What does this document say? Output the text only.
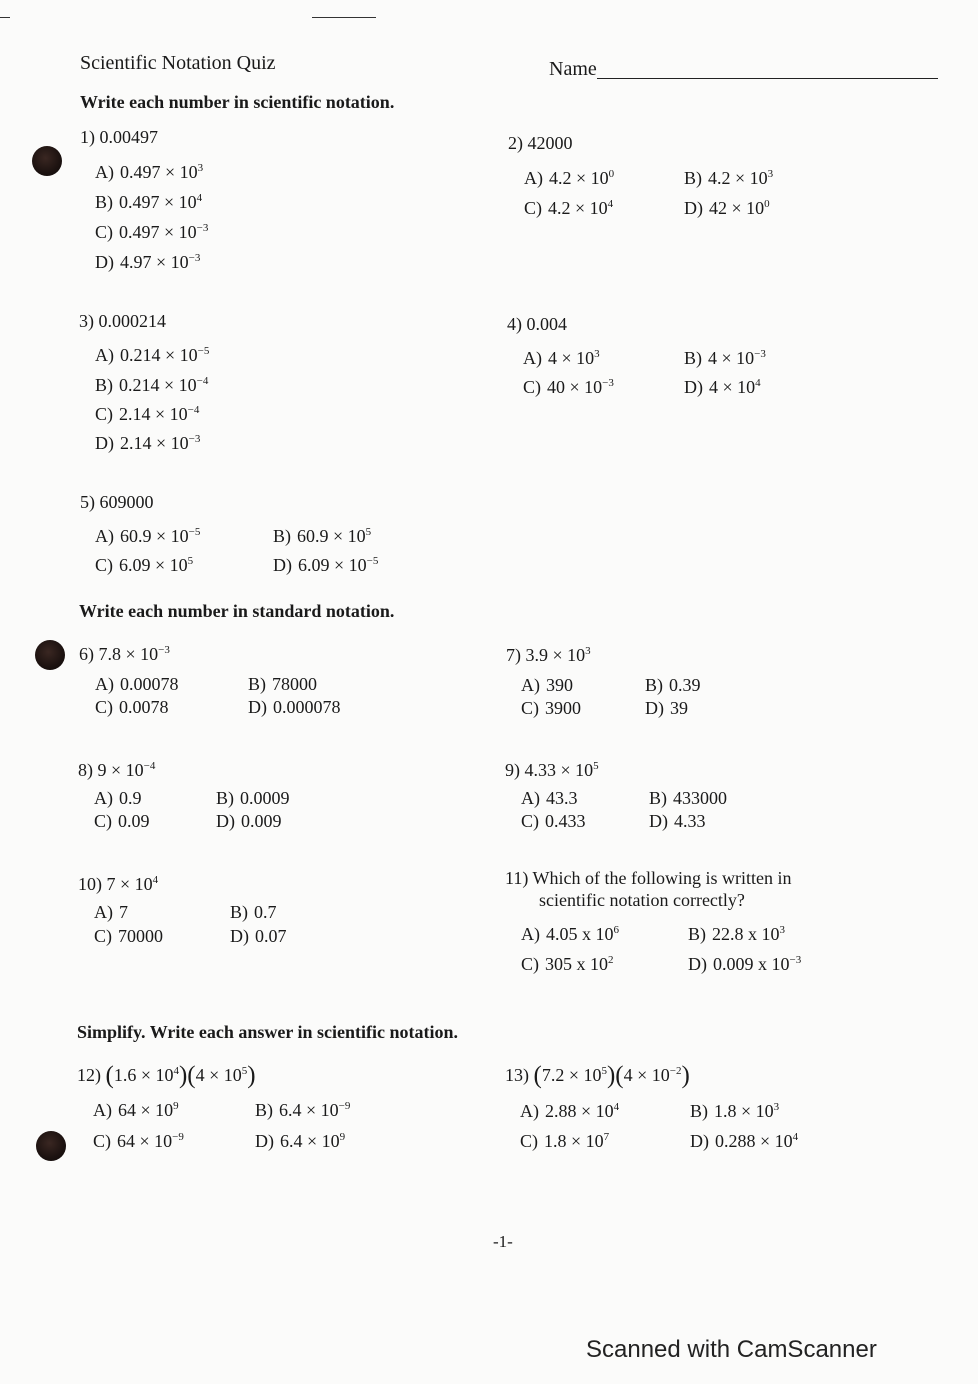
Scientific Notation Quiz	Name
Write each number in scientific notation.
Write each number in standard notation.
Simplify. Write each answer in scientific notation.
1) 0.00497
A) $0.497 \times 10^3$
B) $0.497 \times 10^4$
C) $0.497 \times 10^{-3}$
D) $4.97 \times 10^{-3}$
2) 42000
A) $4.2 \times 10^0$	B) $4.2 \times 10^3$
C) $4.2 \times 10^4$	D) $42 \times 10^0$
3) 0.000214
A) $0.214 \times 10^{-5}$
B) $0.214 \times 10^{-4}$
C) $2.14 \times 10^{-4}$
D) $2.14 \times 10^{-3}$
4) 0.004
A) $4 \times 10^3$	B) $4 \times 10^{-3}$
C) $40 \times 10^{-3}$	D) $4 \times 10^4$
5) 609000
A) $60.9 \times 10^{-5}$	B) $60.9 \times 10^5$
C) $6.09 \times 10^5$	D) $6.09 \times 10^{-5}$
6) $7.8 \times 10^{-3}$
A) 0.00078	B) 78000
C) 0.0078	D) 0.000078
7) $3.9 \times 10^3$
A) 390	B) 0.39
C) 3900	D) 39
8) $9 \times 10^{-4}$
A) 0.9	B) 0.0009
C) 0.09	D) 0.009
9) $4.33 \times 10^5$
A) 43.3	B) 433000
C) 0.433	D) 4.33
10) $7 \times 10^4$
A) 7	B) 0.7
C) 70000	D) 0.07
11) Which of the following is written in
scientific notation correctly?
A) 4.05 x $10^6$	B) 22.8 x $10^3$
C) 305 x $10^2$	D) 0.009 x $10^{-3}$
12) $(1.6 \times 10^4)(4 \times 10^5)$
A) $64 \times 10^9$	B) $6.4 \times 10^{-9}$
C) $64 \times 10^{-9}$	D) $6.4 \times 10^9$
13) $(7.2 \times 10^5)(4 \times 10^{-2})$
A) $2.88 \times 10^4$	B) $1.8 \times 10^3$
C) $1.8 \times 10^7$	D) $0.288 \times 10^4$
-1-
Scanned with CamScanner
